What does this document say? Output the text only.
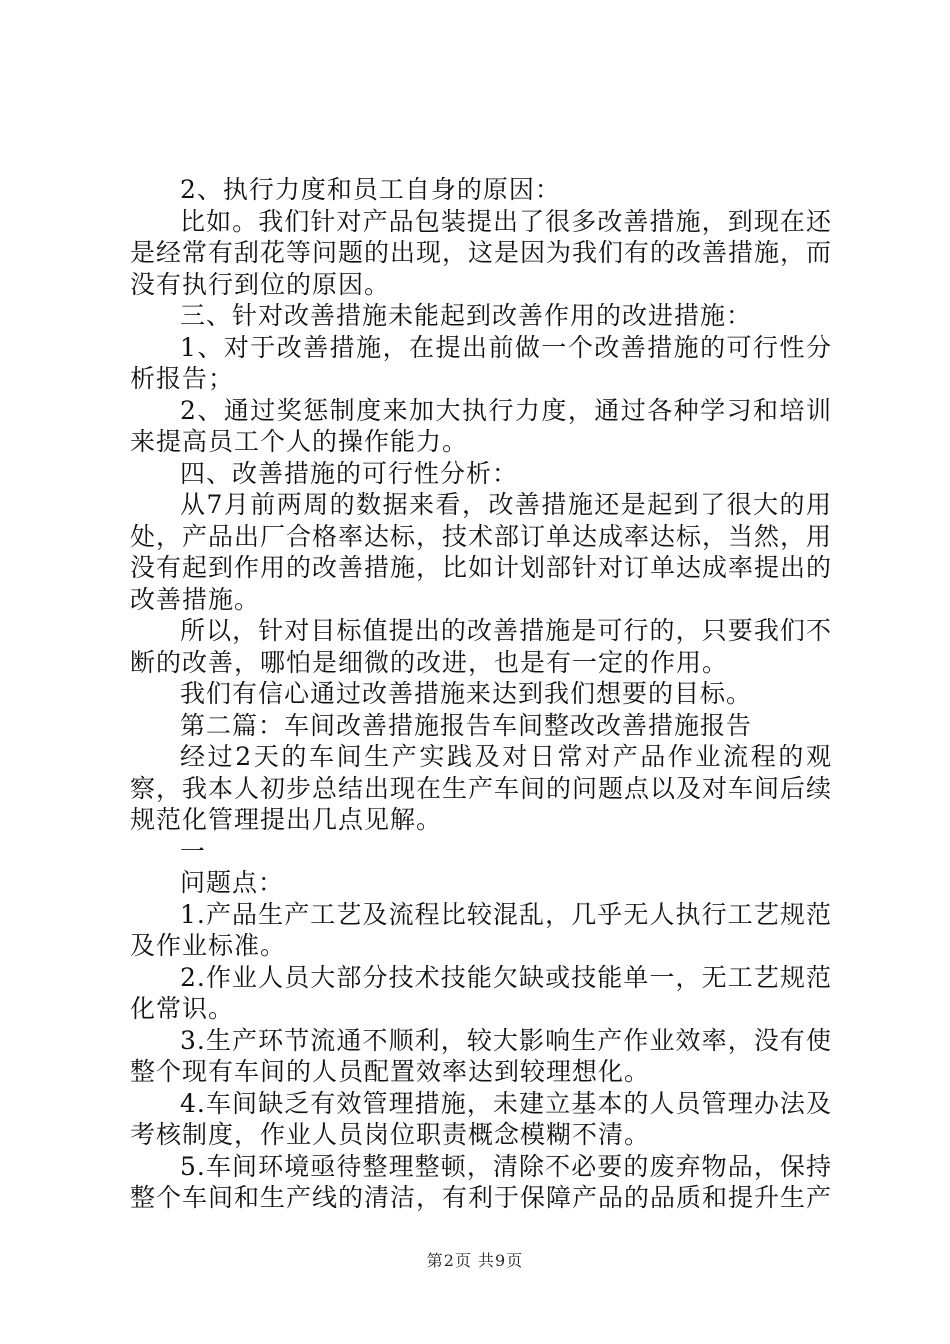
2、执行力度和员工自身的原因：

比如。我们针对产品包装提出了很多改善措施，到现在还是经常有刮花等问题的出现，这是因为我们有的改善措施，而没有执行到位的原因。

三、针对改善措施未能起到改善作用的改进措施：

1、对于改善措施，在提出前做一个改善措施的可行性分析报告；

2、通过奖惩制度来加大执行力度，通过各种学习和培训来提高员工个人的操作能力。

四、改善措施的可行性分析：

从7月前两周的数据来看，改善措施还是起到了很大的用处，产品出厂合格率达标，技术部订单达成率达标，当然，用没有起到作用的改善措施，比如计划部针对订单达成率提出的改善措施。

所以，针对目标值提出的改善措施是可行的，只要我们不断的改善，哪怕是细微的改进，也是有一定的作用。

我们有信心通过改善措施来达到我们想要的目标。

第二篇：车间改善措施报告车间整改改善措施报告

经过2天的车间生产实践及对日常对产品作业流程的观察，我本人初步总结出现在生产车间的问题点以及对车间后续规范化管理提出几点见解。

一

问题点：

1.产品生产工艺及流程比较混乱，几乎无人执行工艺规范及作业标准。

2.作业人员大部分技术技能欠缺或技能单一，无工艺规范化常识。

3.生产环节流通不顺利，较大影响生产作业效率，没有使整个现有车间的人员配置效率达到较理想化。

4.车间缺乏有效管理措施，未建立基本的人员管理办法及考核制度，作业人员岗位职责概念模糊不清。

5.车间环境亟待整理整顿，清除不必要的废弃物品，保持整个车间和生产线的清洁，有利于保障产品的品质和提升生产

第2页 共9页
